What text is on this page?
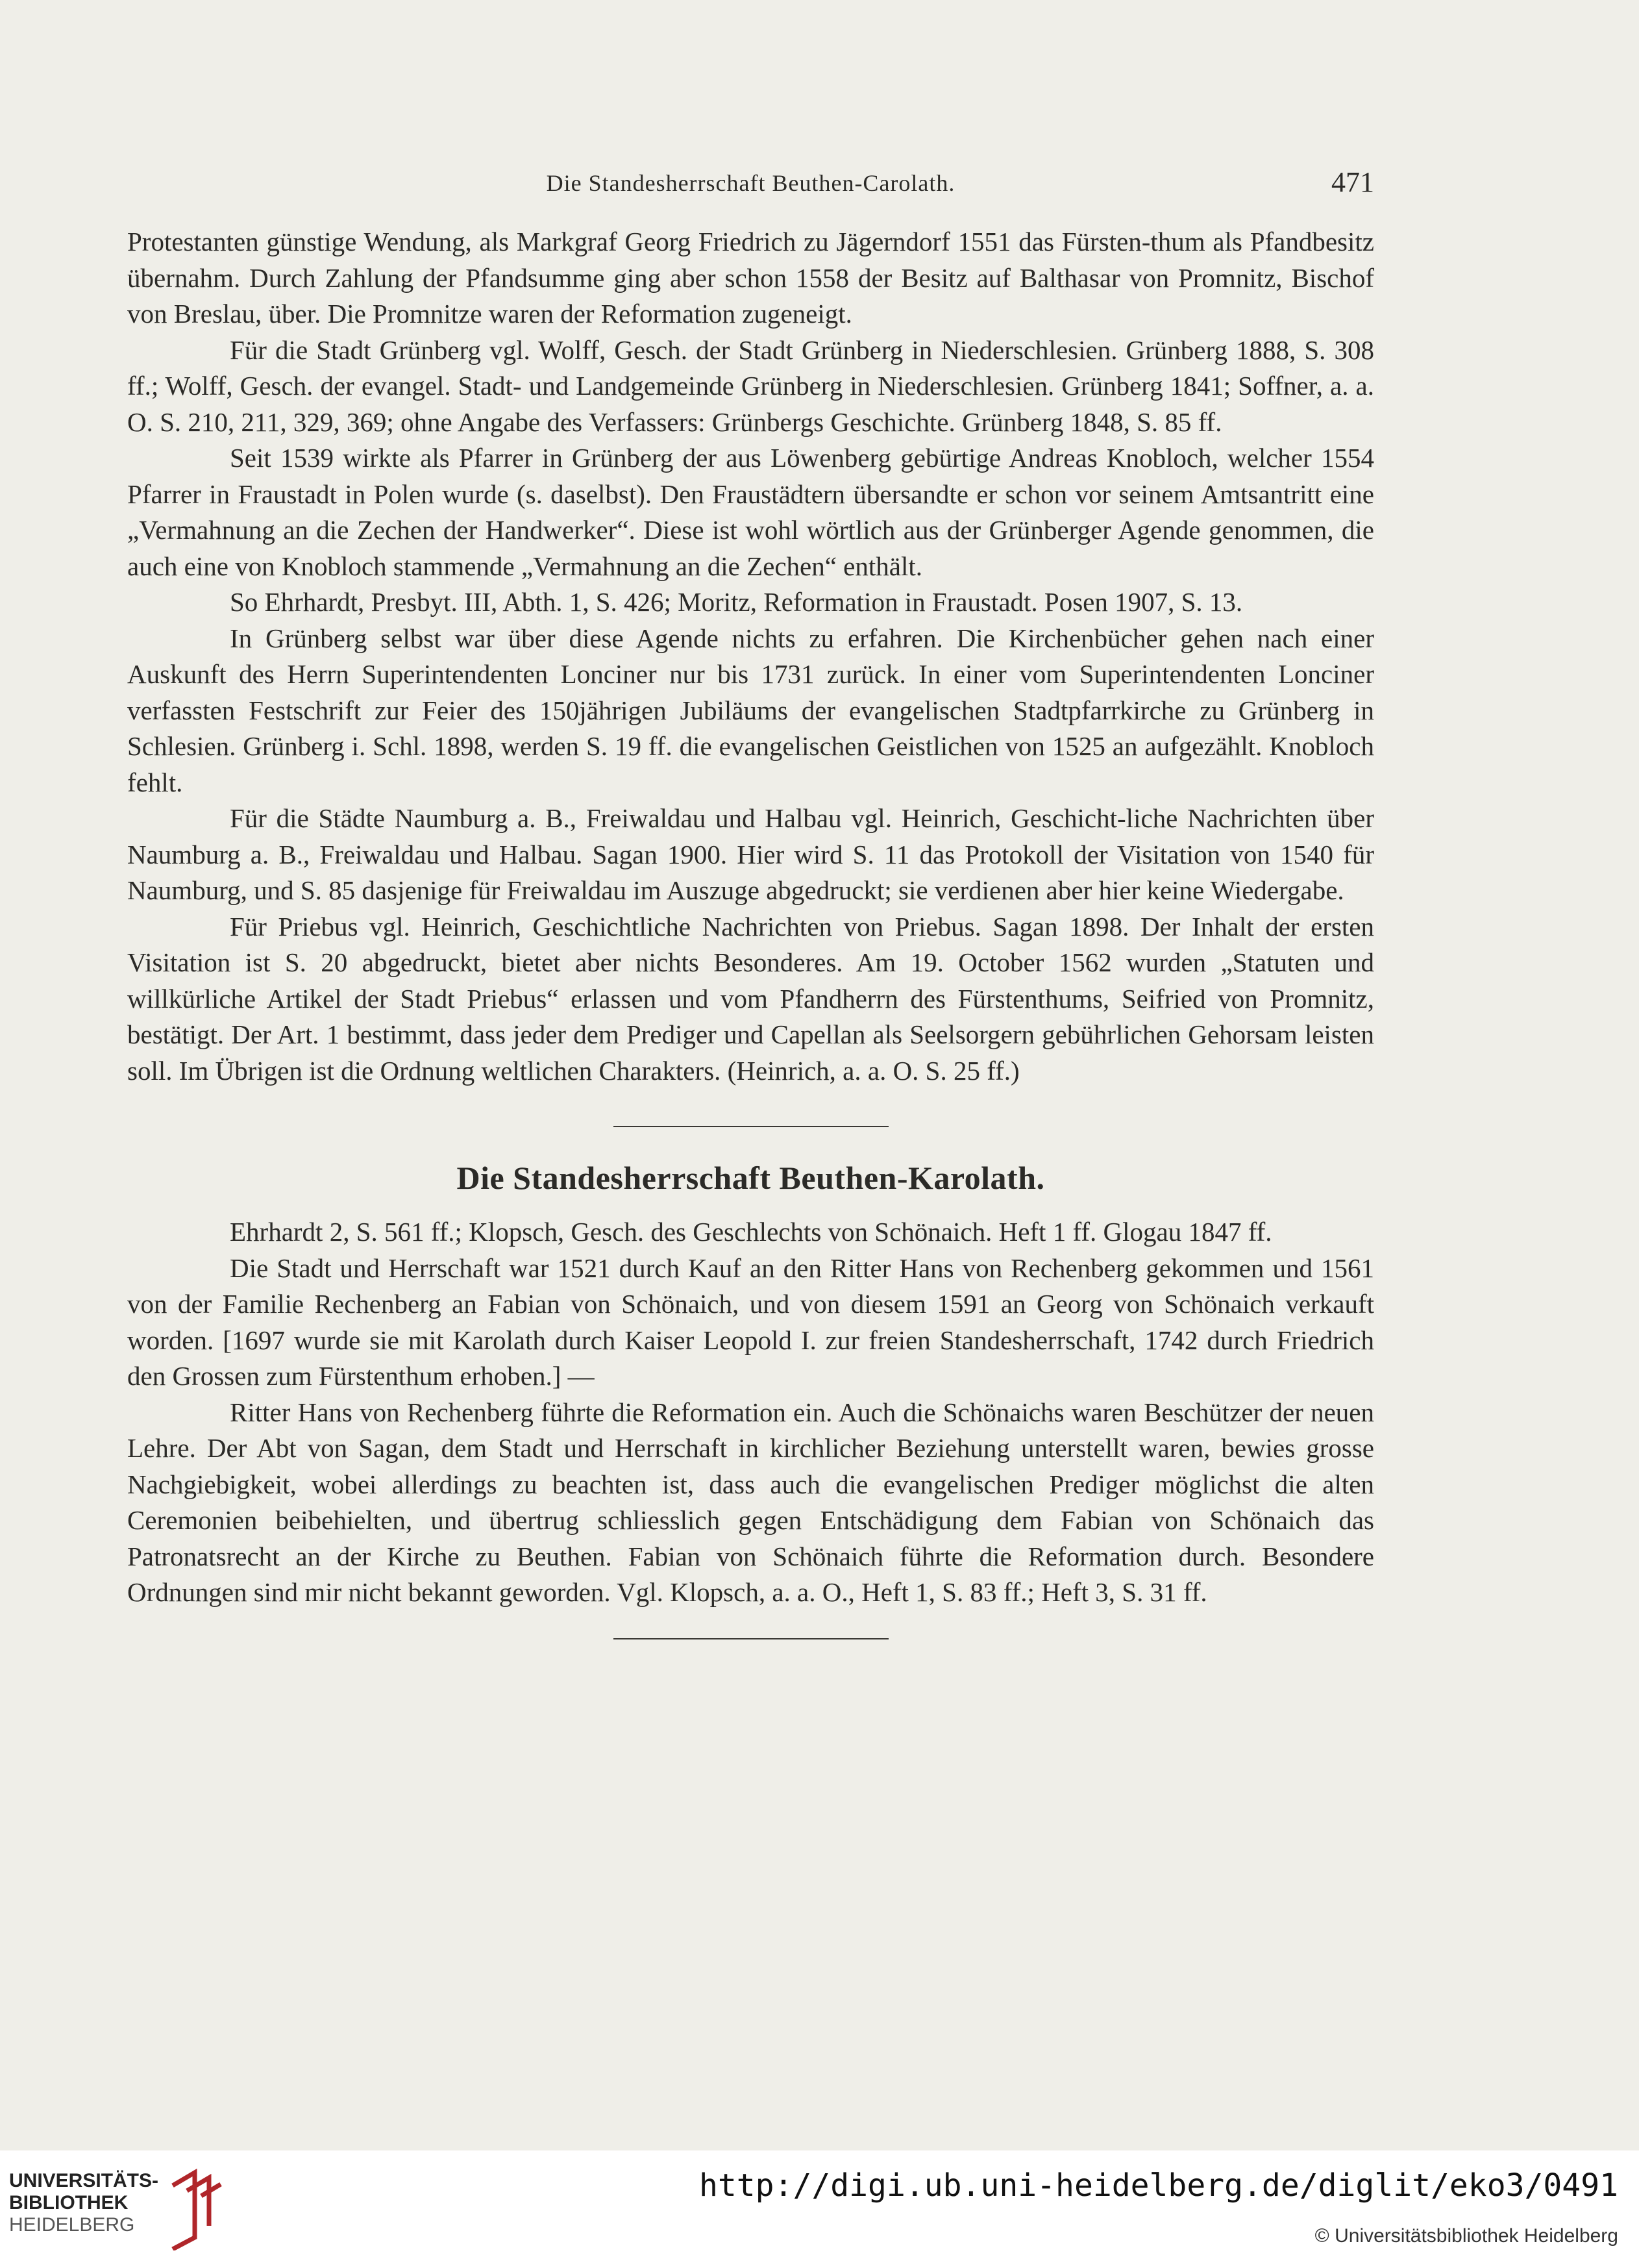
Die Standesherrschaft Beuthen-Carolath.	471

Protestanten günstige Wendung, als Markgraf Georg Friedrich zu Jägerndorf 1551 das Fürsten-thum als Pfandbesitz übernahm. Durch Zahlung der Pfandsumme ging aber schon 1558 der Besitz auf Balthasar von Promnitz, Bischof von Breslau, über. Die Promnitze waren der Reformation zugeneigt.

Für die Stadt Grünberg vgl. Wolff, Gesch. der Stadt Grünberg in Niederschlesien. Grünberg 1888, S. 308 ff.; Wolff, Gesch. der evangel. Stadt- und Landgemeinde Grünberg in Niederschlesien. Grünberg 1841; Soffner, a. a. O. S. 210, 211, 329, 369; ohne Angabe des Verfassers: Grünbergs Geschichte. Grünberg 1848, S. 85 ff.

Seit 1539 wirkte als Pfarrer in Grünberg der aus Löwenberg gebürtige Andreas Knobloch, welcher 1554 Pfarrer in Fraustadt in Polen wurde (s. daselbst). Den Fraustädtern übersandte er schon vor seinem Amtsantritt eine „Vermahnung an die Zechen der Handwerker“. Diese ist wohl wörtlich aus der Grünberger Agende genommen, die auch eine von Knobloch stammende „Vermahnung an die Zechen“ enthält.

So Ehrhardt, Presbyt. III, Abth. 1, S. 426; Moritz, Reformation in Fraustadt. Posen 1907, S. 13.

In Grünberg selbst war über diese Agende nichts zu erfahren. Die Kirchenbücher gehen nach einer Auskunft des Herrn Superintendenten Lonciner nur bis 1731 zurück. In einer vom Superintendenten Lonciner verfassten Festschrift zur Feier des 150jährigen Jubiläums der evangelischen Stadtpfarrkirche zu Grünberg in Schlesien. Grünberg i. Schl. 1898, werden S. 19 ff. die evangelischen Geistlichen von 1525 an aufgezählt. Knobloch fehlt.

Für die Städte Naumburg a. B., Freiwaldau und Halbau vgl. Heinrich, Geschicht-liche Nachrichten über Naumburg a. B., Freiwaldau und Halbau. Sagan 1900. Hier wird S. 11 das Protokoll der Visitation von 1540 für Naumburg, und S. 85 dasjenige für Freiwaldau im Auszuge abgedruckt; sie verdienen aber hier keine Wiedergabe.

Für Priebus vgl. Heinrich, Geschichtliche Nachrichten von Priebus. Sagan 1898. Der Inhalt der ersten Visitation ist S. 20 abgedruckt, bietet aber nichts Besonderes. Am 19. October 1562 wurden „Statuten und willkürliche Artikel der Stadt Priebus“ erlassen und vom Pfandherrn des Fürstenthums, Seifried von Promnitz, bestätigt. Der Art. 1 bestimmt, dass jeder dem Prediger und Capellan als Seelsorgern gebührlichen Gehorsam leisten soll. Im Übrigen ist die Ordnung weltlichen Charakters. (Heinrich, a. a. O. S. 25 ff.)

Die Standesherrschaft Beuthen-Karolath.

Ehrhardt 2, S. 561 ff.; Klopsch, Gesch. des Geschlechts von Schönaich. Heft 1 ff. Glogau 1847 ff.

Die Stadt und Herrschaft war 1521 durch Kauf an den Ritter Hans von Rechenberg gekommen und 1561 von der Familie Rechenberg an Fabian von Schönaich, und von diesem 1591 an Georg von Schönaich verkauft worden. [1697 wurde sie mit Karolath durch Kaiser Leopold I. zur freien Standesherrschaft, 1742 durch Friedrich den Grossen zum Fürstenthum erhoben.] —

Ritter Hans von Rechenberg führte die Reformation ein. Auch die Schönaichs waren Beschützer der neuen Lehre. Der Abt von Sagan, dem Stadt und Herrschaft in kirchlicher Beziehung unterstellt waren, bewies grosse Nachgiebigkeit, wobei allerdings zu beachten ist, dass auch die evangelischen Prediger möglichst die alten Ceremonien beibehielten, und übertrug schliesslich gegen Entschädigung dem Fabian von Schönaich das Patronatsrecht an der Kirche zu Beuthen. Fabian von Schönaich führte die Reformation durch. Besondere Ordnungen sind mir nicht bekannt geworden. Vgl. Klopsch, a. a. O., Heft 1, S. 83 ff.; Heft 3, S. 31 ff.

UNIVERSITÄTS-
BIBLIOTHEK
HEIDELBERG
http://digi.ub.uni-heidelberg.de/diglit/eko3/0491
© Universitätsbibliothek Heidelberg
